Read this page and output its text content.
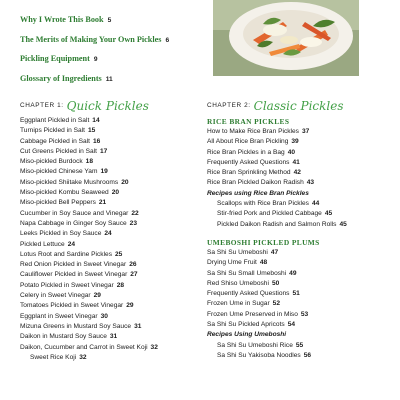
Why I Wrote This Book 5
The Merits of Making Your Own Pickles 6
Pickling Equipment 9
Glossary of Ingredients 11
CHAPTER 1: Quick Pickles
Eggplant Pickled in Salt 14
Turnips Pickled in Salt 15
Cabbage Pickled in Salt 16
Cut Greens Pickled in Salt 17
Miso-pickled Burdock 18
Miso-pickled Chinese Yam 19
Miso-pickled Shiitake Mushrooms 20
Miso-pickled Kombu Seaweed 20
Miso-pickled Bell Peppers 21
Cucumber in Soy Sauce and Vinegar 22
Napa Cabbage in Ginger Soy Sauce 23
Leeks Pickled in Soy Sauce 24
Pickled Lettuce 24
Lotus Root and Sardine Pickles 25
Red Onion Pickled in Sweet Vinegar 26
Cauliflower Pickled in Sweet Vinegar 27
Potato Pickled in Sweet Vinegar 28
Celery in Sweet Vinegar 29
Tomatoes Pickled in Sweet Vinegar 29
Eggplant in Sweet Vinegar 30
Mizuna Greens in Mustard Soy Sauce 31
Daikon in Mustard Soy Sauce 31
Daikon, Cucumber and Carrot in Sweet Koji 32
Sweet Rice Koji 32
CHAPTER 2: Classic Pickles
RICE BRAN PICKLES
How to Make Rice Bran Pickles 37
All About Rice Bran Pickling 39
Rice Bran Pickles in a Bag 40
Frequently Asked Questions 41
Rice Bran Sprinkling Method 42
Rice Bran Pickled Daikon Radish 43
Recipes using Rice Bran Pickles
Scallops with Rice Bran Pickles 44
Stir-fried Pork and Pickled Cabbage 45
Pickled Daikon Radish and Salmon Rolls 45
UMEBOSHI PICKLED PLUMS
Sa Shi Su Umeboshi 47
Drying Ume Fruit 48
Sa Shi Su Small Umeboshi 49
Red Shiso Umeboshi 50
Frequently Asked Questions 51
Frozen Ume in Sugar 52
Frozen Ume Preserved in Miso 53
Sa Shi Su Pickled Apricots 54
Recipes Using Umeboshi
Sa Shi Su Umeboshi Rice 55
Sa Shi Su Yakisoba Noodles 56
